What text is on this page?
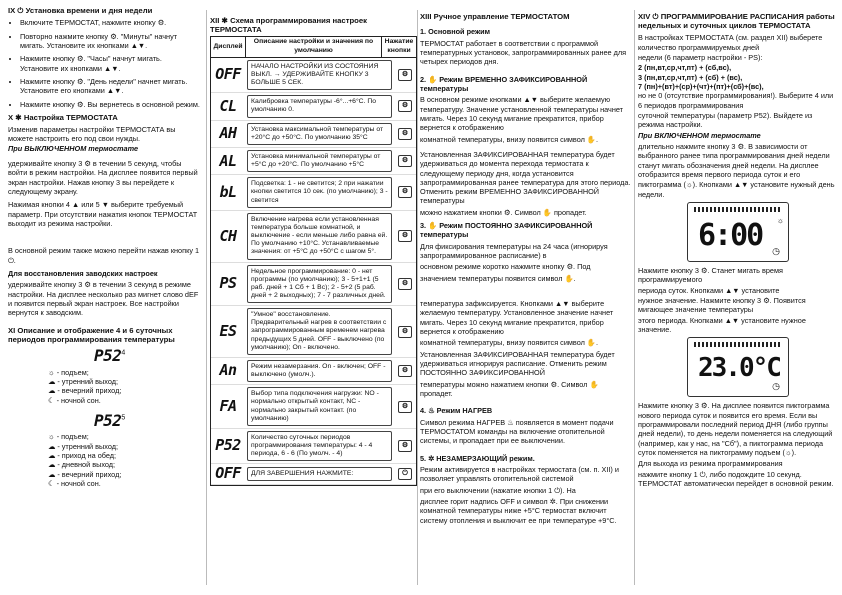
IX ⏻ Установка времени и дня недели
• Включите ТЕРМОСТАТ, нажмите кнопку ⚙.
• Повторно нажмите кнопку ⚙. "Минуты" начнут мигать. Установите их кнопками ▲▼.
• Нажмите кнопку ⚙. "Часы" начнут мигать. Установите их кнопками ▲▼.
• Нажмите кнопку ⚙. "День недели" начнет мигать. Установите его кнопками ▲▼.
• Нажмите кнопку ⚙. Вы вернетесь в основной режим.
X ✱ Настройка ТЕРМОСТАТА

Изменив параметры настройки ТЕРМОСТАТА вы можете настроить его под свои нужды.

При ВЫКЛЮЧЕННОМ термостате

удерживайте кнопку 3 ⚙ в течении 5 секунд, чтобы войти в режим настройки. На дисплее появится первый экран настройки. Нажав кнопку 3 вы перейдете к следующему экрану.

Нажимая кнопки 4 ▲ или 5 ▼ выберите требуемый параметр. При отсутствии нажатия кнопок ТЕРМОСТАТ выходит из режима настройки.

В основной режим также можно перейти нажав кнопку 1 ⏻.

Для восстановления заводских настроек

удерживайте кнопку 3 ⚙ в течении 3 секунд в режиме настройки. На дисплее несколько раз мигнет слово dEF и появится первый экран настроек. Все настройки вернутся к заводским.

XI Описание и отображение 4 и 6 суточных периодов программирования температуры
$P52^4$
☼ - подъем;
☁ - утренний выход;
☁ - вечерний приход;
☾ - ночной сон.
$P52^5$
☼ - подъем;
☁ - утренний выход;
☁ - приход на обед;
☁ - дневной выход;
☁ - вечерний приход;
☾ - ночной сон.
XII ✱ Схема программирования настроек ТЕРМОСТАТА
Дисплей
Описание настройки и значения по умолчанию
Нажатие кнопки
OFF	НАЧАЛО НАСТРОЙКИ ИЗ СОСТОЯНИЯ ВЫКЛ. → УДЕРЖИВАЙТЕ КНОПКУ 3 БОЛЬШЕ 5 СЕК.
⚙
CL	Калибровка температуры -6°...+6°C. По умолчанию 0.
⚙
AH	Установка максимальной температуры от +20°C до +50°C. По умолчанию 35°C
⚙
AL	Установка минимальной температуры от +5°C до +20°C. По умолчанию +5°C
⚙
bL	Подсветка: 1 - не светится; 2 при нажатии кнопки светится 10 сек. (по умолчанию); 3 - светится
⚙
CH
Включение нагрева если установленная температура больше комнатной, и выключение - если меньше либо равна ей. По умолчанию +10°C. Устанавливаемые значения: от +5°C до +50°C с шагом 5°.
⚙
PS
Недельное программирование: 0 - нет программы (по умолчанию); 3 - 5+1+1 (5 раб. дней + 1 Сб + 1 Вс); 2 - 5+2 (5 раб. дней + 2 выходных); 7 - 7 различных дней.
⚙
ES
"Умное" восстановление. Предварительный нагрев в соответствии с запрограммированным временем нагрева предыдущих 5 дней. OFF - выключено (по умолчанию); On - включено.
⚙
An	Режим незамерзания. On - включен; OFF - выключено (умолч.).
⚙
FA
Выбор типа подключения нагрузки: NO - нормально открытый контакт, NC - нормально закрытый контакт. (по умолчанию)
⚙
P52	Количество суточных периодов программирования температуры: 4 - 4 периода, 6 - 6 (По умолч. - 4)
⚙
OFF	ДЛЯ ЗАВЕРШЕНИЯ НАЖМИТЕ:	⏻
XIII Ручное управление ТЕРМОСТАТОМ
1. Основной режим

ТЕРМОСТАТ работает в соответствии с программой температурных установок, запрограммированных ранее для четырех периодов дня.

2. ✋ Режим ВРЕМЕННО ЗАФИКСИРОВАННОЙ температуры

В основном режиме кнопками ▲▼ выберите желаемую температуру. Значение установленной температуры начнет мигать. Через 10 секунд мигание прекратится, прибор вернется к отображению

комнатной температуры, внизу появится символ ✋.

Установленная ЗАФИКСИРОВАННАЯ температура будет удерживаться до момента перехода термостата к следующему периоду дня, когда установится запрограммированная ранее температура для этого периода. Отменить режим ВРЕМЕННО ЗАФИКСИРОВАННОЙ температуры

можно нажатием кнопки ⚙. Символ ✋ пропадет.

3. ✋ Режим ПОСТОЯННО ЗАФИКСИРОВАННОЙ температуры

Для фиксирования температуры на 24 часа (игнорируя запрограммированное расписание) в

основном режиме коротко нажмите кнопку ⚙. Под

значением температуры появится символ ✋.

температура зафиксируется. Кнопками ▲▼ выберите желаемую температуру. Установленное значение начнет мигать. Через 10 секунд мигание прекратится, прибор вернется к отображению

комнатной температуры, внизу появится символ ✋.

Установленная ЗАФИКСИРОВАННАЯ температура будет удерживаться игнорируя расписание. Отменить режим ПОСТОЯННО ЗАФИКСИРОВАННОЙ

температуры можно нажатием кнопки ⚙. Символ ✋ пропадет.

4. ♨ Режим НАГРЕВ

Символ режима НАГРЕВ ♨ появляется в момент подачи ТЕРМОСТАТОМ команды на включение отопительной системы, и пропадает при ее выключении.

5. ✲ НЕЗАМЕРЗАЮЩИЙ режим.

Режим активируется в настройках термостата (см. п. XII) и позволяет управлять отопительной системой

при его выключении (нажатие кнопки 1 ⏻). На

дисплее горит надпись OFF и символ ✲. При снижении комнатной температуры ниже +5°C термостат включит систему отопления и выключит ее при температуре +9°C.

XIV ⏻ ПРОГРАММИРОВАНИЕ РАСПИСАНИЯ работы недельных и суточных циклов ТЕРМОСТАТА

В настройках ТЕРМОСТАТА (см. раздел XII) выберете количество программируемых дней

недели (6 параметр настройки - PS):

2 (пн,вт,ср,чт,пт) + (сб,вс),
3 (пн,вт,ср,чт,пт) + (сб) + (вс),
7 (пн)+(вт)+(ср)+(чт)+(пт)+(сб)+(вс),

но не 0 (отсутствие программирования!). Выберите 4 или 6 периодов программирования

суточной температуры (параметр P52). Выйдете из режима настройки.

При ВКЛЮЧЕННОМ термостате

длительно нажмите кнопку 3 ⚙. В зависимости от выбранного ранее типа программирования дней недели станут мигать обозначения дней недели. На дисплее отобразится время первого периода суток и его

пиктограмма (☼). Кнопками ▲▼ установите нужный день недели.

6:00 ☼
◷

Нажмите кнопку 3 ⚙. Станет мигать время программируемого

периода суток. Кнопками ▲▼ установите

нужное значение. Нажмите кнопку 3 ⚙. Появится мигающее значение температуры

этого периода. Кнопками ▲▼ установите нужное значение.

23.0°C
◷

Нажмите кнопку 3 ⚙. На дисплее появится пиктограмма нового периода суток и появится его время. Если вы программировали последний период ДНЯ (либо группы дней недели), то день недели поменяется на следующий (например, как у нас, на "Сб"), а пиктограмма периода суток поменяется на пиктограмму подъем (☼).

Для выхода из режима программирования

нажмите кнопку 1 ⏻, либо подождите 10 секунд. ТЕРМОСТАТ автоматически перейдет в основной режим.
